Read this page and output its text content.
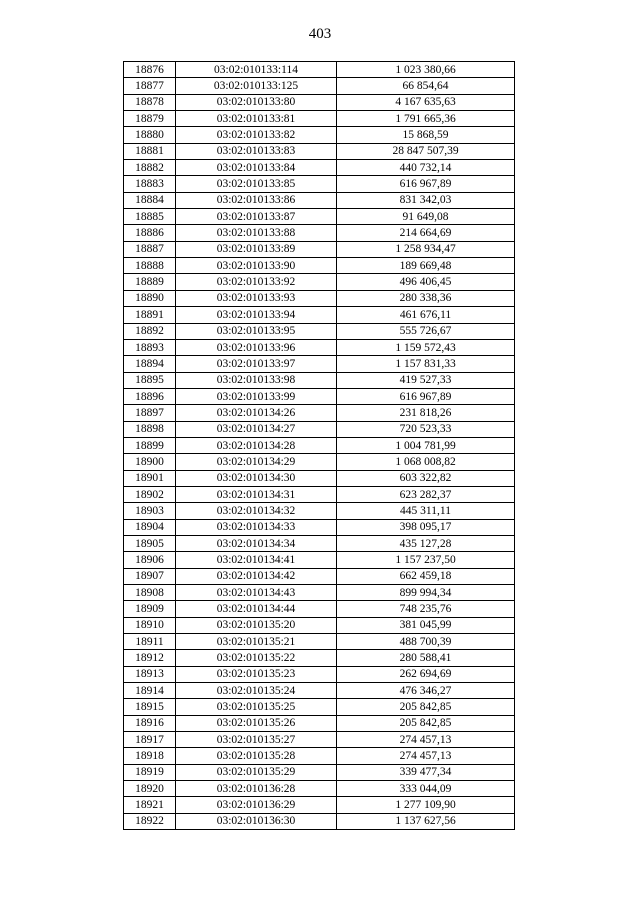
403
18876	03:02:010133:114	1 023 380,66
18877	03:02:010133:125	66 854,64
18878	03:02:010133:80	4 167 635,63
18879	03:02:010133:81	1 791 665,36
18880	03:02:010133:82	15 868,59
18881	03:02:010133:83	28 847 507,39
18882	03:02:010133:84	440 732,14
18883	03:02:010133:85	616 967,89
18884	03:02:010133:86	831 342,03
18885	03:02:010133:87	91 649,08
18886	03:02:010133:88	214 664,69
18887	03:02:010133:89	1 258 934,47
18888	03:02:010133:90	189 669,48
18889	03:02:010133:92	496 406,45
18890	03:02:010133:93	280 338,36
18891	03:02:010133:94	461 676,11
18892	03:02:010133:95	555 726,67
18893	03:02:010133:96	1 159 572,43
18894	03:02:010133:97	1 157 831,33
18895	03:02:010133:98	419 527,33
18896	03:02:010133:99	616 967,89
18897	03:02:010134:26	231 818,26
18898	03:02:010134:27	720 523,33
18899	03:02:010134:28	1 004 781,99
18900	03:02:010134:29	1 068 008,82
18901	03:02:010134:30	603 322,82
18902	03:02:010134:31	623 282,37
18903	03:02:010134:32	445 311,11
18904	03:02:010134:33	398 095,17
18905	03:02:010134:34	435 127,28
18906	03:02:010134:41	1 157 237,50
18907	03:02:010134:42	662 459,18
18908	03:02:010134:43	899 994,34
18909	03:02:010134:44	748 235,76
18910	03:02:010135:20	381 045,99
18911	03:02:010135:21	488 700,39
18912	03:02:010135:22	280 588,41
18913	03:02:010135:23	262 694,69
18914	03:02:010135:24	476 346,27
18915	03:02:010135:25	205 842,85
18916	03:02:010135:26	205 842,85
18917	03:02:010135:27	274 457,13
18918	03:02:010135:28	274 457,13
18919	03:02:010135:29	339 477,34
18920	03:02:010136:28	333 044,09
18921	03:02:010136:29	1 277 109,90
18922	03:02:010136:30	1 137 627,56
